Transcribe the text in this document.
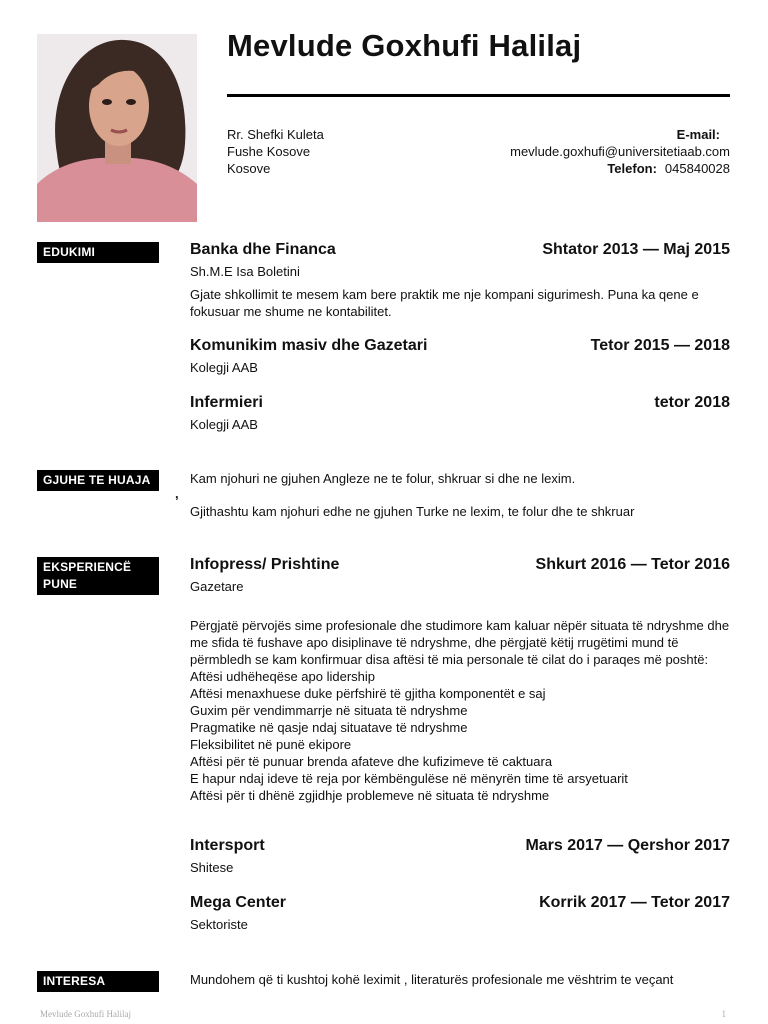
Mevlude Goxhufi Halilaj
Rr. Shefki Kuleta
Fushe Kosove
Kosove
E-mail:
mevlude.goxhufi@universitetiaab.com
Telefon: 045840028
EDUKIMI	Banka dhe Financa	Shtator 2013 — Maj 2015
Sh.M.E Isa Boletini
Gjate shkollimit te mesem kam bere praktik me nje kompani sigurimesh. Puna ka qene e fokusuar me shume ne kontabilitet.
Komunikim masiv dhe Gazetari	Tetor 2015 — 2018
Kolegji AAB
Infermieri	tetor 2018
Kolegji AAB
GJUHE TE HUAJA
,

Kam njohuri ne gjuhen Angleze ne te folur, shkruar si dhe ne lexim.

Gjithashtu kam njohuri edhe ne gjuhen Turke ne lexim, te folur dhe te shkruar

EKSPERIENCË PUNE
Infopress/ Prishtine	Shkurt 2016 — Tetor 2016
Gazetare

Përgjatë përvojës sime profesionale dhe studimore kam kaluar nëpër situata të ndryshme dhe me sfida të fushave apo disiplinave të ndryshme, dhe përgjatë këtij rrugëtimi mund të përmbledh se kam konfirmuar disa aftësi të mia personale të cilat do i paraqes më poshtë:

Aftësi udhëheqëse apo lidership

Aftësi menaxhuese duke përfshirë të gjitha komponentët e saj

Guxim për vendimmarrje në situata të ndryshme

Pragmatike në qasje ndaj situatave të ndryshme

Fleksibilitet në punë ekipore

Aftësi për të punuar brenda afateve dhe kufizimeve të caktuara

E hapur ndaj ideve të reja por këmbëngulëse në mënyrën time të arsyetuarit

Aftësi për ti dhënë zgjidhje problemeve në situata të ndryshme

Intersport	Mars 2017 — Qershor 2017
Shitese
Mega Center	Korrik 2017 — Tetor 2017
Sektoriste
INTERESA	Mundohem që ti kushtoj kohë leximit , literaturës profesionale me vështrim te veçant
Mevlude Goxhufi Halilaj	1
